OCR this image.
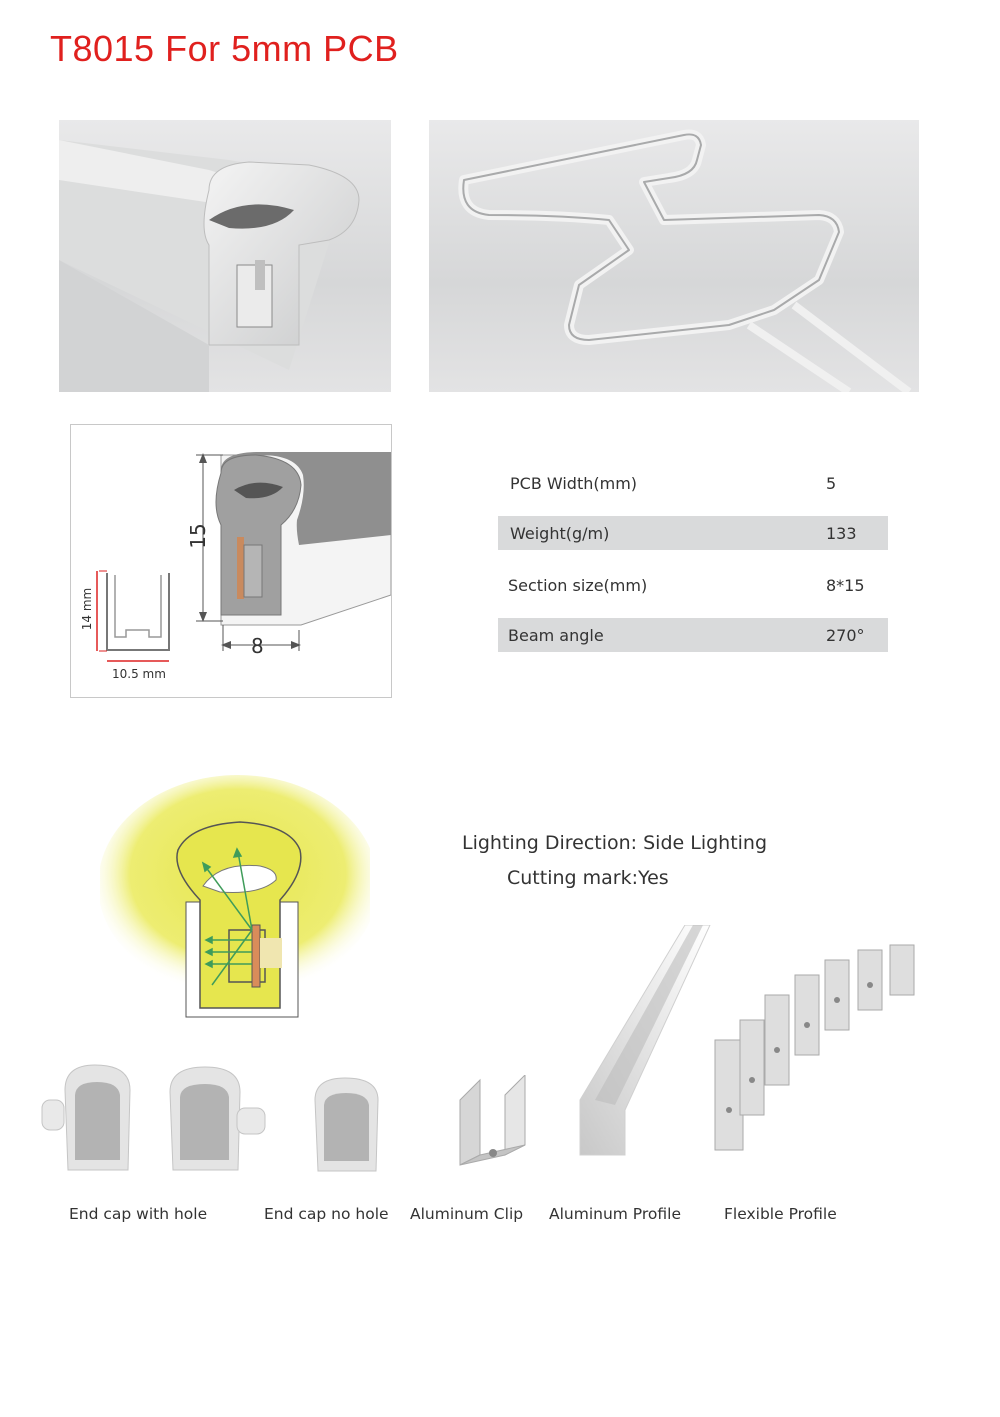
T8015 For 5mm PCB
15
8
14 mm
10.5 mm
PCB Width(mm)	5
Weight(g/m)	133
Section size(mm)	8*15
Beam angle	270°
Lighting Direction: Side Lighting
Cutting mark:Yes
End cap with hole	End cap no hole Aluminum Clip Aluminum Profile	Flexible Profile
